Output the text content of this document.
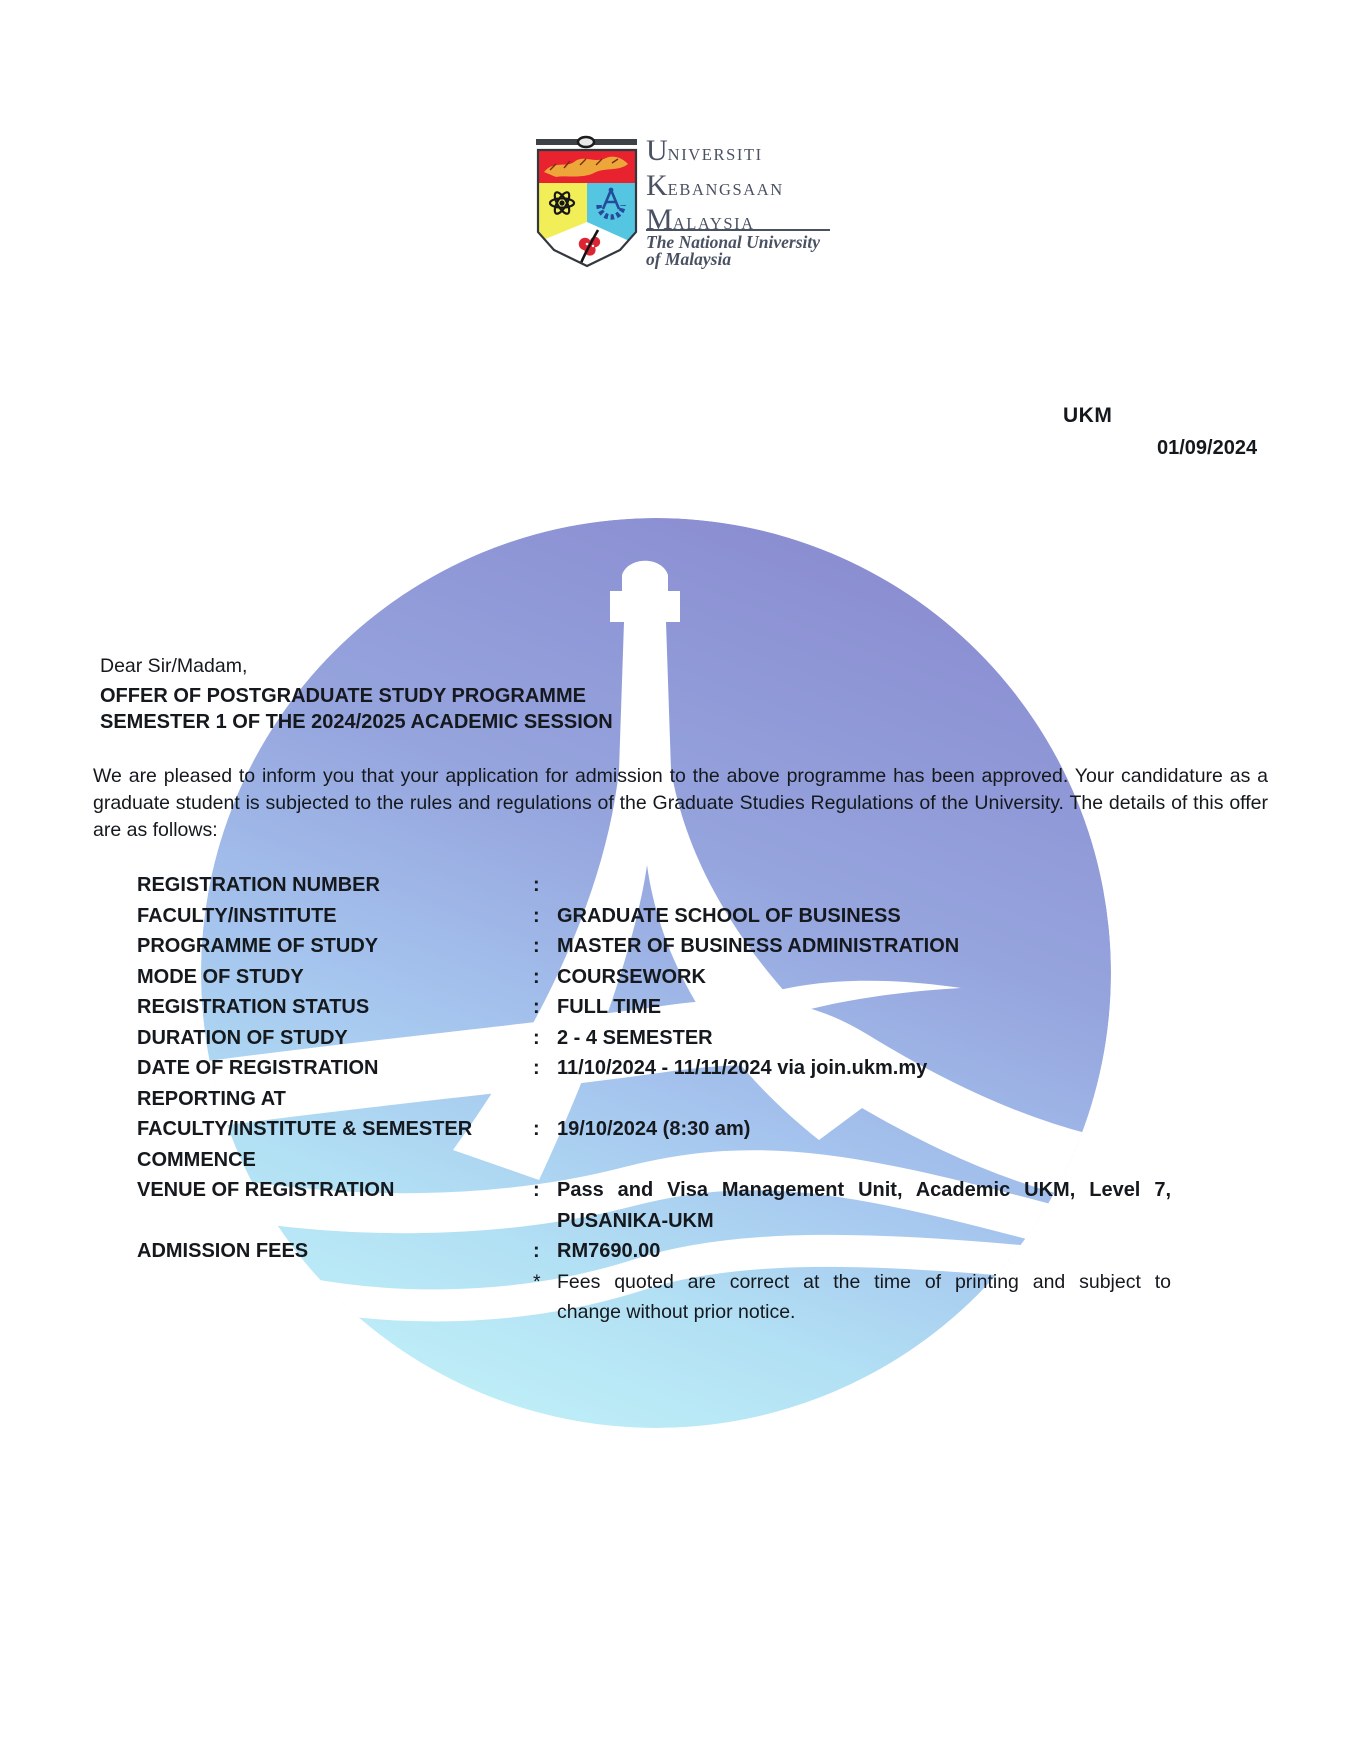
UNIVERSITI
KEBANGSAAN
MALAYSIA
The National University
of Malaysia
UKM
01/09/2024
Dear Sir/Madam,
OFFER OF POSTGRADUATE STUDY PROGRAMME
SEMESTER 1 OF THE 2024/2025 ACADEMIC SESSION
We are pleased to inform you that your application for admission to the above programme has been approved. Your candidature as a graduate student is subjected to the rules and regulations of the Graduate Studies Regulations of the University. The details of this offer are as follows:
REGISTRATION NUMBER	:
FACULTY/INSTITUTE	: GRADUATE SCHOOL OF BUSINESS
PROGRAMME OF STUDY	: MASTER OF BUSINESS ADMINISTRATION
MODE OF STUDY	: COURSEWORK
REGISTRATION STATUS	: FULL TIME
DURATION OF STUDY	: 2 - 4 SEMESTER
DATE OF REGISTRATION	: 11/10/2024 - 11/11/2024 via join.ukm.my
REPORTING AT
FACULTY/INSTITUTE & SEMESTER	: 19/10/2024 (8:30 am)
COMMENCE
VENUE OF REGISTRATION	: Pass and Visa Management Unit, Academic UKM, Level 7,
PUSANIKA-UKM
ADMISSION FEES	: RM7690.00
* Fees quoted are correct at the time of printing and subject to
change without prior notice.
